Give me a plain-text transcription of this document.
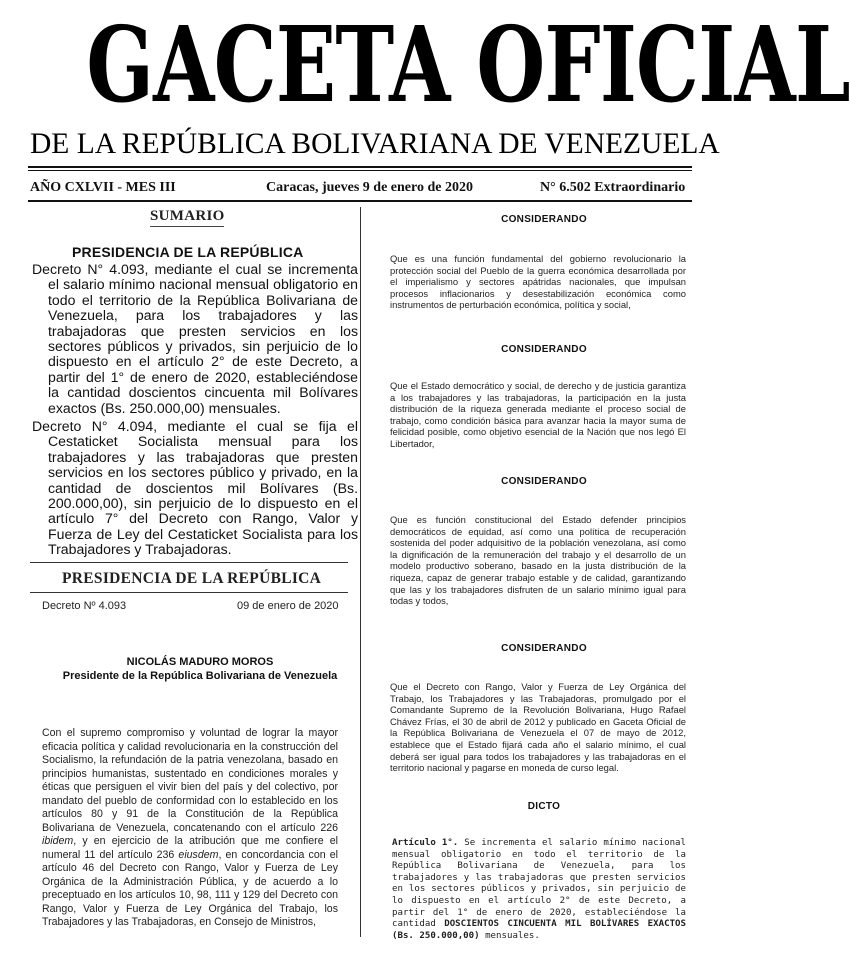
GACETA OFICIAL
DE LA REPÚBLICA BOLIVARIANA DE VENEZUELA
AÑO CXLVII - MES III	Caracas, jueves 9 de enero de 2020	N° 6.502 Extraordinario
SUMARIO
PRESIDENCIA DE LA REPÚBLICA
Decreto N° 4.093, mediante el cual se incrementa el salario mínimo nacional mensual obligatorio en todo el territorio de la República Bolivariana de Venezuela, para los trabajadores y las trabajadoras que presten servicios en los sectores públicos y privados, sin perjuicio de lo dispuesto en el artículo 2° de este Decreto, a partir del 1° de enero de 2020, estableciéndose la cantidad doscientos cincuenta mil Bolívares exactos (Bs. 250.000,00) mensuales.
Decreto N° 4.094, mediante el cual se fija el Cestaticket Socialista mensual para los trabajadores y las trabajadoras que presten servicios en los sectores público y privado, en la cantidad de doscientos mil Bolívares (Bs. 200.000,00), sin perjuicio de lo dispuesto en el artículo 7° del Decreto con Rango, Valor y Fuerza de Ley del Cestaticket Socialista para los Trabajadores y Trabajadoras.
PRESIDENCIA DE LA REPÚBLICA
Decreto Nº 4.093	09 de enero de 2020
NICOLÁS MADURO MOROS
Presidente de la República Bolivariana de Venezuela
Con el supremo compromiso y voluntad de lograr la mayor eficacia política y calidad revolucionaria en la construcción del Socialismo, la refundación de la patria venezolana, basado en principios humanistas, sustentado en condiciones morales y éticas que persiguen el vivir bien del país y del colectivo, por mandato del pueblo de conformidad con lo establecido en los artículos 80 y 91 de la Constitución de la República Bolivariana de Venezuela, concatenando con el artículo 226 ibidem, y en ejercicio de la atribución que me confiere el numeral 11 del artículo 236 eiusdem, en concordancia con el artículo 46 del Decreto con Rango, Valor y Fuerza de Ley Orgánica de la Administración Pública, y de acuerdo a lo preceptuado en los artículos 10, 98, 111 y 129 del Decreto con Rango, Valor y Fuerza de Ley Orgánica del Trabajo, los Trabajadores y las Trabajadoras, en Consejo de Ministros,
CONSIDERANDO
Que es una función fundamental del gobierno revolucionario la protección social del Pueblo de la guerra económica desarrollada por el imperialismo y sectores apátridas nacionales, que impulsan procesos inflacionarios y desestabilización económica como instrumentos de perturbación económica, política y social,
CONSIDERANDO
Que el Estado democrático y social, de derecho y de justicia garantiza a los trabajadores y las trabajadoras, la participación en la justa distribución de la riqueza generada mediante el proceso social de trabajo, como condición básica para avanzar hacia la mayor suma de felicidad posible, como objetivo esencial de la Nación que nos legó El Libertador,
CONSIDERANDO
Que es función constitucional del Estado defender principios democráticos de equidad, así como una política de recuperación sostenida del poder adquisitivo de la población venezolana, así como la dignificación de la remuneración del trabajo y el desarrollo de un modelo productivo soberano, basado en la justa distribución de la riqueza, capaz de generar trabajo estable y de calidad, garantizando que las y los trabajadores disfruten de un salario mínimo igual para todas y todos,
CONSIDERANDO
Que el Decreto con Rango, Valor y Fuerza de Ley Orgánica del Trabajo, los Trabajadores y las Trabajadoras, promulgado por el Comandante Supremo de la Revolución Bolivariana, Hugo Rafael Chávez Frías, el 30 de abril de 2012 y publicado en Gaceta Oficial de la República Bolivariana de Venezuela el 07 de mayo de 2012, establece que el Estado fijará cada año el salario mínimo, el cual deberá ser igual para todos los trabajadores y las trabajadoras en el territorio nacional y pagarse en moneda de curso legal.
DICTO
Artículo 1°. Se incrementa el salario mínimo nacional mensual obligatorio en todo el territorio de la República Bolivariana de Venezuela, para los trabajadores y las trabajadoras que presten servicios en los sectores públicos y privados, sin perjuicio de lo dispuesto en el artículo 2° de este Decreto, a partir del 1° de enero de 2020, estableciéndose la cantidad DOSCIENTOS CINCUENTA MIL BOLÍVARES EXACTOS (Bs. 250.000,00) mensuales.
